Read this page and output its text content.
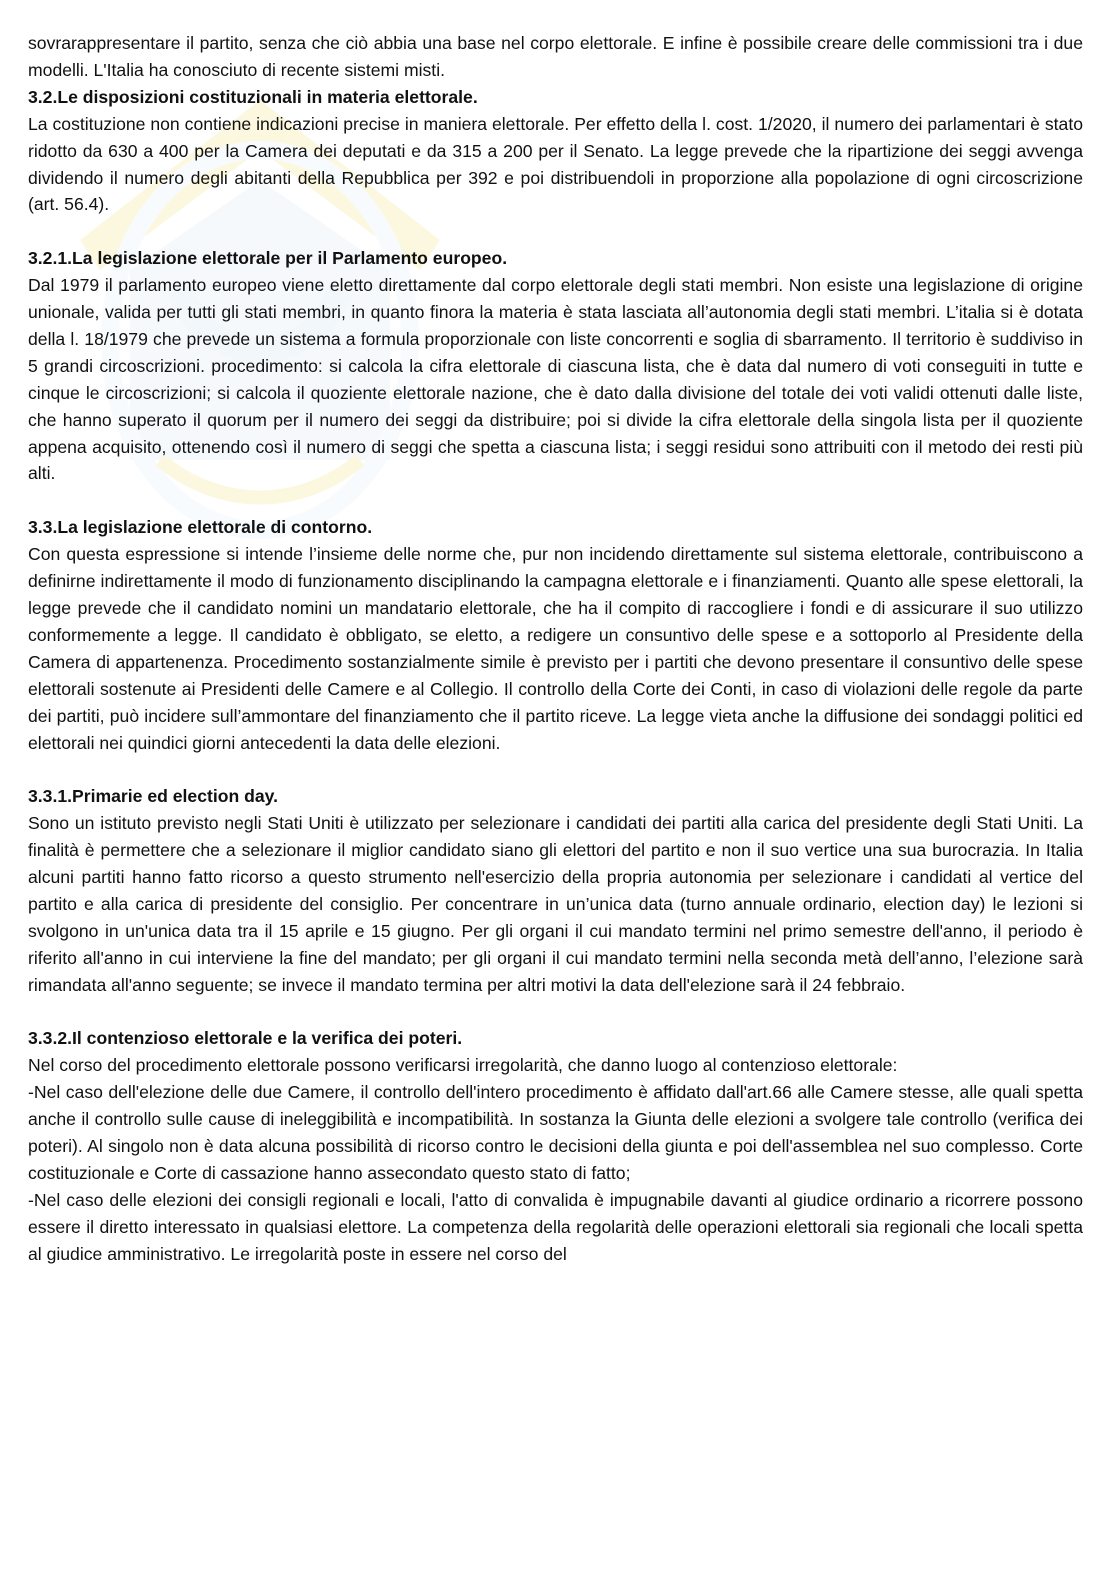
sovrarappresentare il partito, senza che ciò abbia una base nel corpo elettorale. E infine è possibile creare delle commissioni tra i due modelli. L'Italia ha conosciuto di recente sistemi misti.

3.2.Le disposizioni costituzionali in materia elettorale.

La costituzione non contiene indicazioni precise in maniera elettorale. Per effetto della l. cost. 1/2020, il numero dei parlamentari è stato ridotto da 630 a 400 per la Camera dei deputati e da 315 a 200 per il Senato. La legge prevede che la ripartizione dei seggi avvenga dividendo il numero degli abitanti della Repubblica per 392 e poi distribuendoli in proporzione alla popolazione di ogni circoscrizione (art. 56.4).

3.2.1.La legislazione elettorale per il Parlamento europeo.

Dal 1979 il parlamento europeo viene eletto direttamente dal corpo elettorale degli stati membri. Non esiste una legislazione di origine unionale, valida per tutti gli stati membri, in quanto finora la materia è stata lasciata all’autonomia degli stati membri. L’italia si è dotata della l. 18/1979 che prevede un sistema a formula proporzionale con liste concorrenti e soglia di sbarramento. Il territorio è suddiviso in 5 grandi circoscrizioni. procedimento: si calcola la cifra elettorale di ciascuna lista, che è data dal numero di voti conseguiti in tutte e cinque le circoscrizioni; si calcola il quoziente elettorale nazione, che è dato dalla divisione del totale dei voti validi ottenuti dalle liste, che hanno superato il quorum per il numero dei seggi da distribuire; poi si divide la cifra elettorale della singola lista per il quoziente appena acquisito, ottenendo così il numero di seggi che spetta a ciascuna lista; i seggi residui sono attribuiti con il metodo dei resti più alti.

3.3.La legislazione elettorale di contorno.

Con questa espressione si intende l’insieme delle norme che, pur non incidendo direttamente sul sistema elettorale, contribuiscono a definirne indirettamente il modo di funzionamento disciplinando la campagna elettorale e i finanziamenti. Quanto alle spese elettorali, la legge prevede che il candidato nomini un mandatario elettorale, che ha il compito di raccogliere i fondi e di assicurare il suo utilizzo conformemente a legge. Il candidato è obbligato, se eletto, a redigere un consuntivo delle spese e a sottoporlo al Presidente della Camera di appartenenza. Procedimento sostanzialmente simile è previsto per i partiti che devono presentare il consuntivo delle spese elettorali sostenute ai Presidenti delle Camere e al Collegio. Il controllo della Corte dei Conti, in caso di violazioni delle regole da parte dei partiti, può incidere sull’ammontare del finanziamento che il partito riceve. La legge vieta anche la diffusione dei sondaggi politici ed elettorali nei quindici giorni antecedenti la data delle elezioni.

3.3.1.Primarie ed election day.

Sono un istituto previsto negli Stati Uniti è utilizzato per selezionare i candidati dei partiti alla carica del presidente degli Stati Uniti. La finalità è permettere che a selezionare il miglior candidato siano gli elettori del partito e non il suo vertice una sua burocrazia. In Italia alcuni partiti hanno fatto ricorso a questo strumento nell'esercizio della propria autonomia per selezionare i candidati al vertice del partito e alla carica di presidente del consiglio. Per concentrare in un’unica data (turno annuale ordinario, election day) le lezioni si svolgono in un'unica data tra il 15 aprile e 15 giugno. Per gli organi il cui mandato termini nel primo semestre dell'anno, il periodo è riferito all'anno in cui interviene la fine del mandato; per gli organi il cui mandato termini nella seconda metà dell’anno, l’elezione sarà rimandata all'anno seguente; se invece il mandato termina per altri motivi la data dell'elezione sarà il 24 febbraio.

3.3.2.Il contenzioso elettorale e la verifica dei poteri.

Nel corso del procedimento elettorale possono verificarsi irregolarità, che danno luogo al contenzioso elettorale:

-Nel caso dell'elezione delle due Camere, il controllo dell'intero procedimento è affidato dall'art.66 alle Camere stesse, alle quali spetta anche il controllo sulle cause di ineleggibilità e incompatibilità. In sostanza la Giunta delle elezioni a svolgere tale controllo (verifica dei poteri). Al singolo non è data alcuna possibilità di ricorso contro le decisioni della giunta e poi dell'assemblea nel suo complesso. Corte costituzionale e Corte di cassazione hanno assecondato questo stato di fatto;

-Nel caso delle elezioni dei consigli regionali e locali, l'atto di convalida è impugnabile davanti al giudice ordinario a ricorrere possono essere il diretto interessato in qualsiasi elettore. La competenza della regolarità delle operazioni elettorali sia regionali che locali spetta al giudice amministrativo. Le irregolarità poste in essere nel corso del
